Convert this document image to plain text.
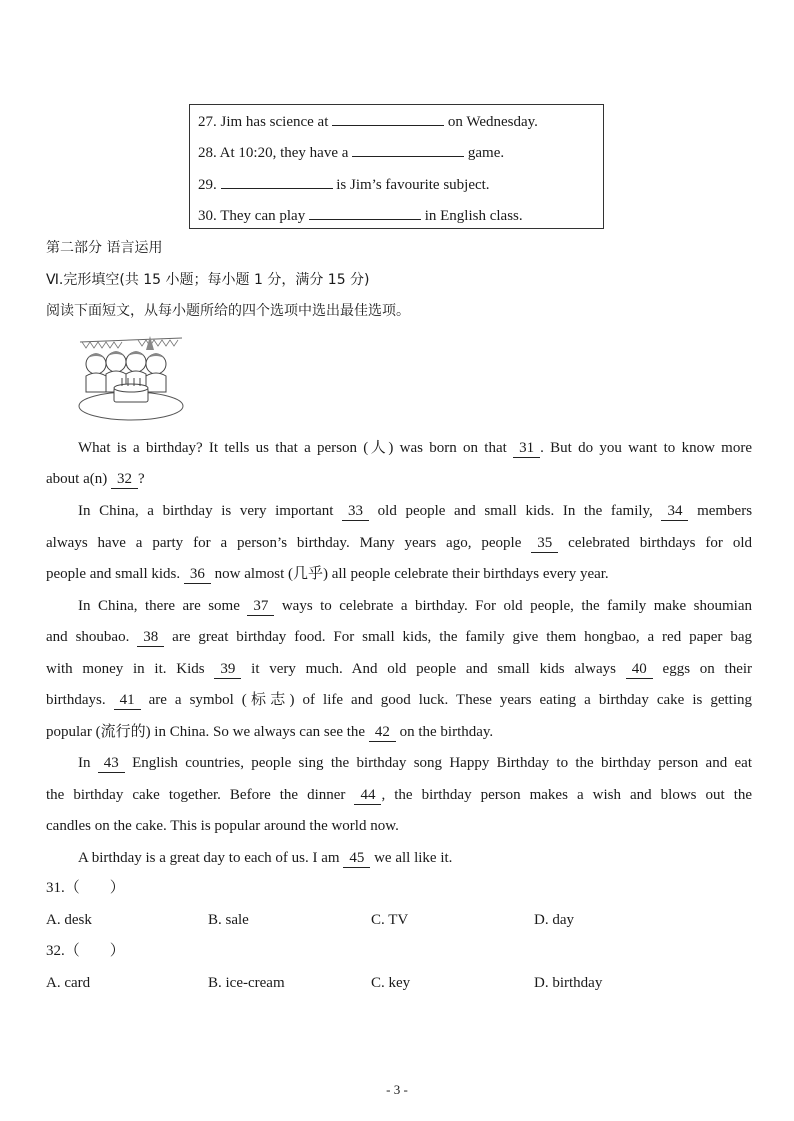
27. Jim has science at	on Wednesday.
28. At 10:20, they have a	game.
29.	is Jim’s favourite subject.
30. They can play	in English class.
第二部分 语言运用
Ⅵ.完形填空(共 15 小题；每小题 1 分，满分 15 分)
阅读下面短文，从每小题所给的四个选项中选出最佳选项。
What is a birthday? It tells us that a person (人) was born on that 31 . But do you want to know more
about a(n) 32 ?
In China, a birthday is very important 33 old people and small kids. In the family, 34 members
always have a party for a person’s birthday. Many years ago, people 35 celebrated birthdays for old
people and small kids. 36 now almost (几乎) all people celebrate their birthdays every year.
In China, there are some 37 ways to celebrate a birthday. For old people, the family make shoumian
and shoubao. 38 are great birthday food. For small kids, the family give them hongbao, a red paper bag
with money in it. Kids 39 it very much. And old people and small kids always 40 eggs on their
birthdays. 41 are a symbol (标志) of life and good luck. These years eating a birthday cake is getting
popular (流行的) in China. So we always can see the 42 on the birthday.
In 43 English countries, people sing the birthday song Happy Birthday to the birthday person and eat
the birthday cake together. Before the dinner 44 , the birthday person makes a wish and blows out the
candles on the cake. This is popular around the world now.
A birthday is a great day to each of us. I am 45 we all like it.
31.（　　）
A. desk	B. sale	C. TV	D. day
32.（　　）
A. card	B. ice-cream	C. key	D. birthday
- 3 -
